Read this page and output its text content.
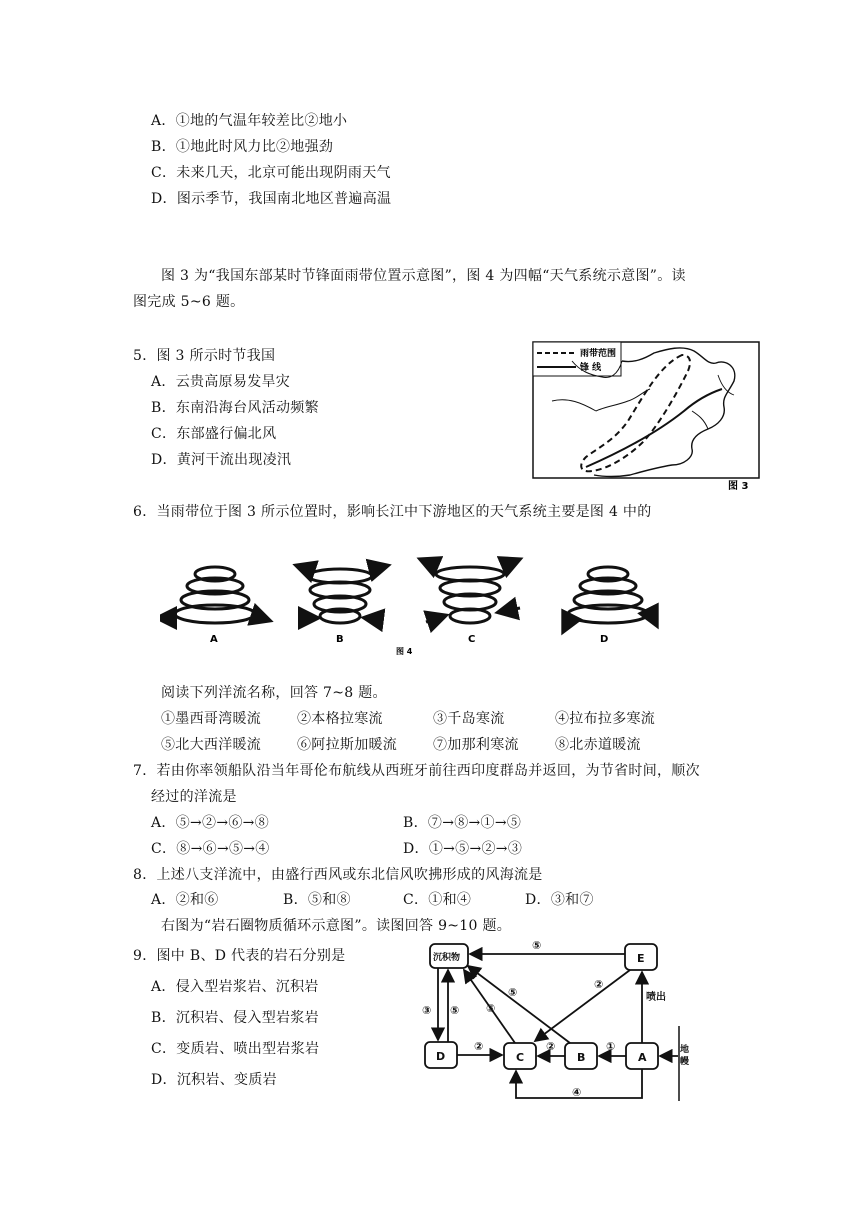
A．①地的气温年较差比②地小
B．①地此时风力比②地强劲
C．未来几天，北京可能出现阴雨天气
D．图示季节，我国南北地区普遍高温
图 3 为“我国东部某时节锋面雨带位置示意图”，图 4 为四幅“天气系统示意图”。读
图完成 5~6 题。
5．图 3 所示时节我国
A．云贵高原易发旱灾
B．东南沿海台风活动频繁
C．东部盛行偏北风
D．黄河干流出现凌汛
雨带范围
锋 线
图 3
6．当雨带位于图 3 所示位置时，影响长江中下游地区的天气系统主要是图 4 中的
A	B	C	D
图 4
阅读下列洋流名称，回答 7~8 题。
①墨西哥湾暖流	②本格拉寒流	③千岛寒流	④拉布拉多寒流
⑤北大西洋暖流	⑥阿拉斯加暖流	⑦加那利寒流	⑧北赤道暖流
7．若由你率领船队沿当年哥伦布航线从西班牙前往西印度群岛并返回，为节省时间，顺次
经过的洋流是
A．⑤→②→⑥→⑧	B．⑦→⑧→①→⑤
C．⑧→⑥→⑤→④	D．①→⑤→②→③
8．上述八支洋流中，由盛行西风或东北信风吹拂形成的风海流是
A．②和⑥	B．⑤和⑧	C．①和④	D．③和⑦
右图为“岩石圈物质循环示意图”。读图回答 9~10 题。
9．图中 B、D 代表的岩石分别是
A．侵入型岩浆岩、沉积岩
B．沉积岩、侵入型岩浆岩
C．变质岩、喷出型岩浆岩
D．沉积岩、变质岩
沉积物	E
A
B
C
D
⑤
②
喷出
⑤
⑤
③ ⑤
②	②	①
④
地 幔
